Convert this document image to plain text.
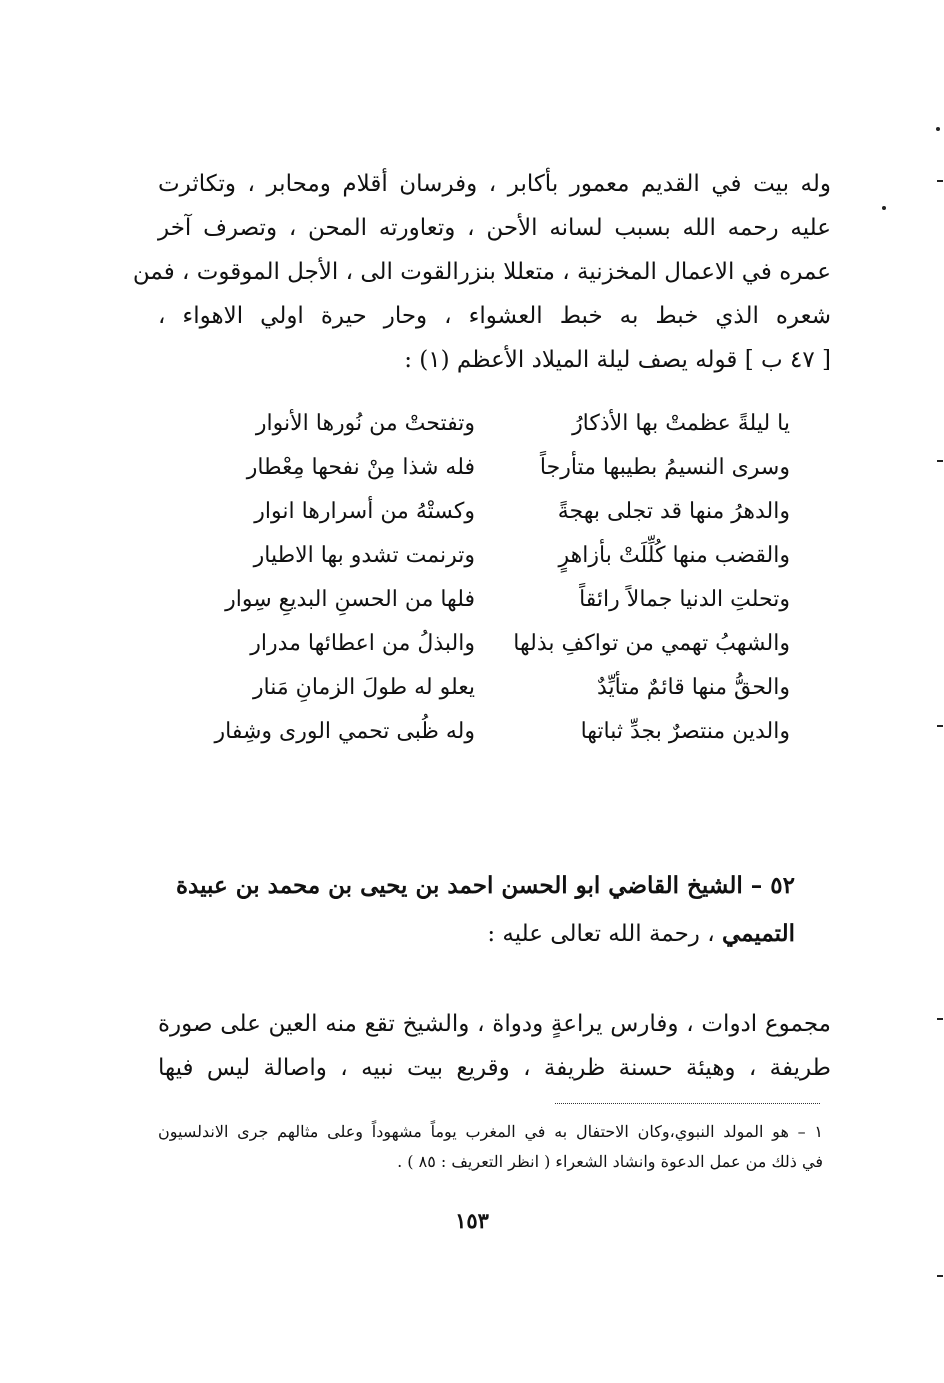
وله بيت في القديم معمور بأكابر ، وفرسان أقلام ومحابر ، وتكاثرت
عليه رحمه الله بسبب لسانه الأحن ، وتعاورته المحن ، وتصرف آخر
عمره في الاعمال المخزنية ، متعللا بنزرالقوت الى ، الأجل الموقوت ، فمن
شعره الذي خبط به خبط العشواء ، وحار حيرة اولي الاهواء ،
[ ٤٧ ب ] قوله يصف ليلة الميلاد الأعظم (١) :
يا ليلةً عظمتْ بها الأذكارُ
وتفتحتْ من نُورها الأنوار
وسرى النسيمُ بطيبها متأرجاً
فله شذا مِنْ نفحها مِعْطار
والدهرُ منها قد تجلى بهجةً
وكستْهُ من أسرارها انوار
والقضب منها كُلِّلَتْ بأزاهرٍ
وترنمت تشدو بها الاطيار
وتحلتِ الدنيا جمالاً رائقاً
فلها من الحسنِ البديعِ سِوار
والشهبُ تهمي من تواكفِ بذلها
والبذلُ من اعطائها مدرار
والحقُّ منها قائمٌ متأيِّدٌ
يعلو له طولَ الزمانِ مَنار
والدين منتصرٌ بجدِّ ثباتها
وله ظُبى تحمي الورى وشِفار
٥٢ – الشيخ القاضي ابو الحسن احمد بن يحيى بن محمد بن عبيدة
التميمي ، رحمة الله تعالى عليه :
مجموع ادوات ، وفارس يراعةٍ ودواة ، والشيخ تقع منه العين على صورة
طريفة ، وهيئة حسنة ظريفة ، وقريع بيت نبيه ، واصالة ليس فيها
١ – هو المولد النبوي،وكان الاحتفال به في المغرب يوماً مشهوداً وعلى مثالهم جرى الاندلسيون
في ذلك من عمل الدعوة وانشاد الشعراء ( انظر التعريف : ٨٥ ) .
١٥٣
